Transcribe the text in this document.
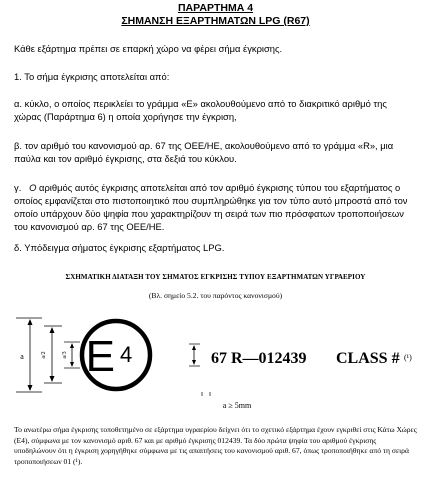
ΠΑΡΑΡΤΗΜΑ 4
ΣΗΜΑΝΣΗ ΕΞΑΡΤΗΜΑΤΩΝ LPG (R67)
Κάθε εξάρτημα πρέπει σε επαρκή χώρο να φέρει σήμα έγκρισης.
1. Το σήμα έγκρισης αποτελείται από:
α. κύκλο, ο οποίος περικλείει το γράμμα «Ε» ακολουθούμενο από το διακριτικό αριθμό της χώρας (Παράρτημα 6) η οποία χορήγησε την έγκριση,
β. τον αριθμό του κανονισμού αρ. 67 της ΟΕΕ/ΗΕ, ακολουθούμενο από το γράμμα «R», μια παύλα και τον αριθμό έγκρισης, στα δεξιά του κύκλου.
γ. Ο αριθμός αυτός έγκρισης αποτελείται από τον αριθμό έγκρισης τύπου του εξαρτήματος ο οποίος εμφανίζεται στο πιστοποιητικό που συμπληρώθηκε για τον τύπο αυτό μπροστά από τον οποίο υπάρχουν δύο ψηφία που χαρακτηρίζουν τη σειρά των πιο πρόσφατων τροποποιήσεων του κανονισμού αρ. 67 της ΟΕΕ/ΗΕ.
δ. Υπόδειγμα σήματος έγκρισης εξαρτήματος LPG.
ΣΧΗΜΑΤΙΚΗ ΔΙΑΤΑΞΗ ΤΟΥ ΣΗΜΑΤΟΣ ΕΓΚΡΙΣΗΣ ΤΥΠΟΥ ΕΞΑΡΤΗΜΑΤΩΝ ΥΓΡΑΕΡΙΟΥ
(Βλ. σημείο 5.2. του παρόντος κανονισμού)
a	a/2	a/3 E 4	67 R—012439 CLASS # (¹)
a ≥ 5mm
Το ανωτέρω σήμα έγκρισης τοποθετημένο σε εξάρτημα υγραερίου δείχνει ότι το σχετικό εξάρτημα έχουν εγκριθεί στις Κάτω Χώρες (Ε4), σύμφωνα με τον κανονισμό αριθ. 67 και με αριθμό έγκρισης 012439. Τα δύο πρώτα ψηφία του αριθμού έγκρισης υποδηλώνουν ότι η έγκριση χορηγήθηκε σύμφωνα με τις απαιτήσεις του κανονισμού αριθ. 67, όπως τροποποιήθηκε από τη σειρά τροποποιήσεων 01 (¹).
